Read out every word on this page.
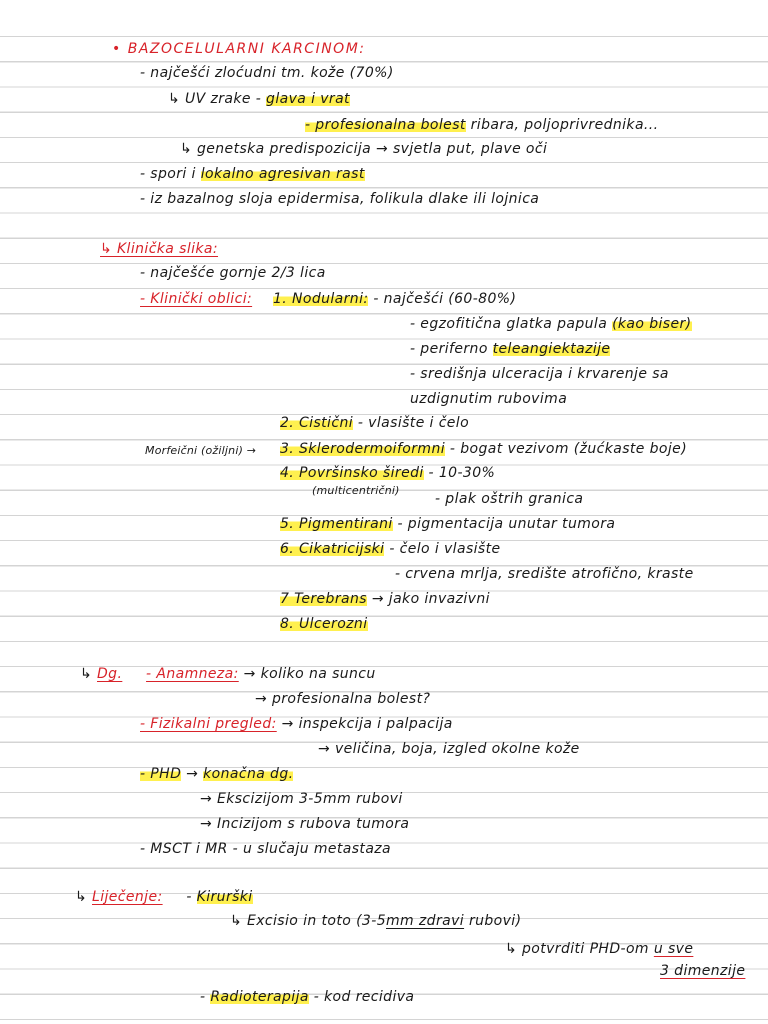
• BAZOCELULARNI KARCINOM:
- najčešći zloćudni tm. kože (70%)
↳ UV zrake - glava i vrat
- profesionalna bolest ribara, poljoprivrednika...
↳ genetska predispozicija → svjetla put, plave oči
- spori i lokalno agresivan rast
- iz bazalnog sloja epidermisa, folikula dlake ili lojnica
↳ Klinička slika:
- najčešće gornje 2/3 lica
- Klinički oblici: 1. Nodularni: - najčešći (60-80%)
- egzofitična glatka papula (kao biser)
- periferno teleangiektazije
- središnja ulceracija i krvarenje sa
uzdignutim rubovima
2. Cistični - vlasište i čelo
Morfeični (ožiljni) → 3. Sklerodermoiformni - bogat vezivom (žućkaste boje)
4. Površinsko širedi - 10-30%
(multicentrični)
- plak oštrih granica
5. Pigmentirani - pigmentacija unutar tumora
6. Cikatricijski - čelo i vlasište
- crvena mrlja, središte atrofično, kraste
7 Terebrans → jako invazivni
8. Ulcerozni
↳ Dg. - Anamneza: → koliko na suncu
→ profesionalna bolest?
- Fizikalni pregled: → inspekcija i palpacija
→ veličina, boja, izgled okolne kože
- PHD → konačna dg.
→ Ekscizijom 3-5mm rubovi
→ Incizijom s rubova tumora
- MSCT i MR - u slučaju metastaza
↳ Liječenje: - Kirurški
↳ Excisio in toto (3-5mm zdravi rubovi)
↳ potvrditi PHD-om u sve
3 dimenzije
- Radioterapija - kod recidiva
